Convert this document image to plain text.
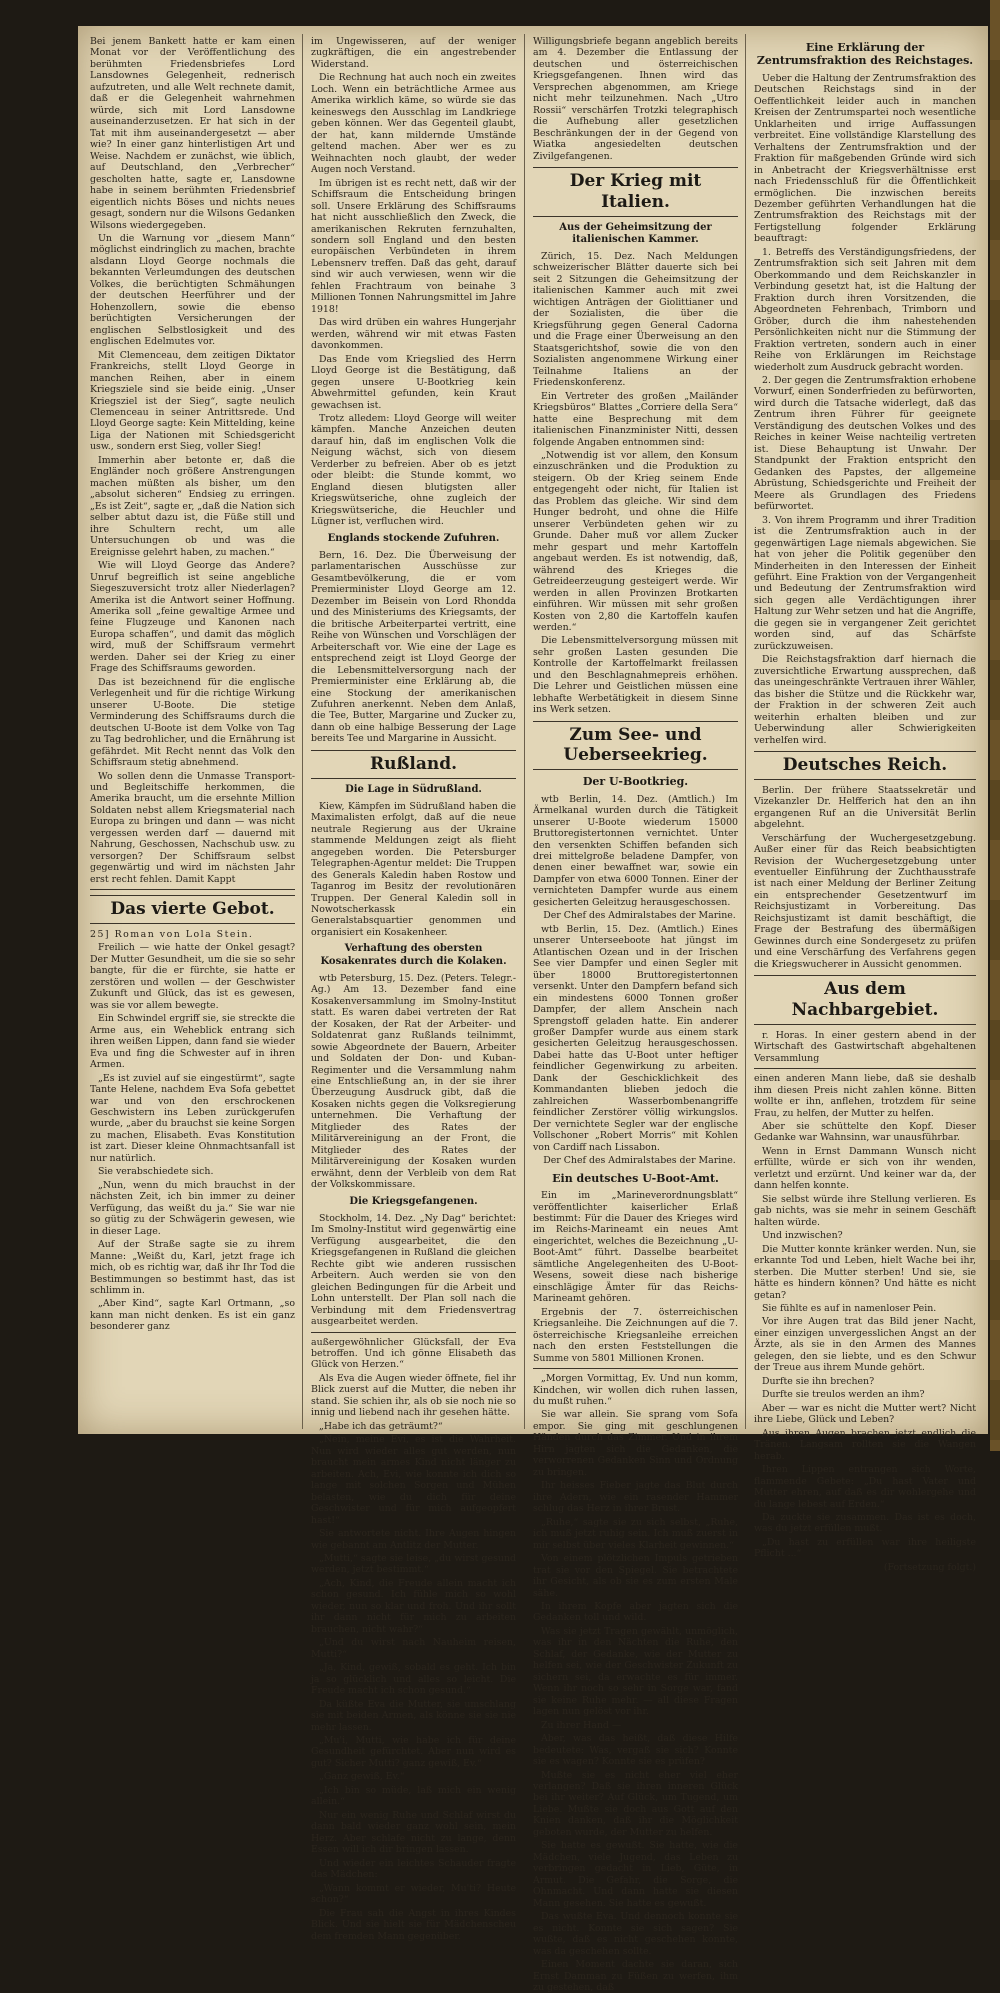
Bei jenem Bankett hatte er kam einen Monat vor der Veröffentlichung des berühmten Friedensbriefes Lord Lansdownes Gelegenheit, rednerisch aufzutreten, und alle Welt rechnete damit, daß er die Gelegenheit wahrnehmen würde, sich mit Lord Lansdowne auseinanderzusetzen. Er hat sich in der Tat mit ihm auseinandergesetzt — aber wie? In einer ganz hinterlistigen Art und Weise. Nachdem er zunächst, wie üblich, auf Deutschland, den „Verbrecher“ gescholten hatte, sagte er, Lansdowne habe in seinem berühmten Friedensbrief eigentlich nichts Böses und nichts neues gesagt, sondern nur die Wilsons Gedanken Wilsons wiedergegeben.

Un die Warnung vor „diesem Mann“ möglichst eindringlich zu machen, brachte alsdann Lloyd George nochmals die bekannten Verleumdungen des deutschen Volkes, die berüchtigten Schmähungen der deutschen Heerführer und der Hohenzollern, sowie die ebenso berüchtigten Versicherungen der englischen Selbstlosigkeit und des englischen Edelmutes vor.

Mit Clemenceau, dem zeitigen Diktator Frankreichs, stellt Lloyd George in manchen Reihen, aber in einem Kriegsziele sind sie beide einig. „Unser Kriegsziel ist der Sieg“, sagte neulich Clemenceau in seiner Antrittsrede. Und Lloyd George sagte: Kein Mittelding, keine Liga der Nationen mit Schiedsgericht usw., sondern erst Sieg, voller Sieg!

Immerhin aber betonte er, daß die Engländer noch größere Anstrengungen machen müßten als bisher, um den „absolut sicheren“ Endsieg zu erringen. „Es ist Zeit“, sagte er, „daß die Nation sich selber abtut dazu ist, die Füße still und ihre Schultern recht, um alle Untersuchungen ob und was die Ereignisse gelehrt haben, zu machen.“

Wie will Lloyd George das Andere? Unruf begreiflich ist seine angebliche Siegeszuversicht trotz aller Niederlagen? Amerika ist die Antwort seiner Hoffnung. Amerika soll „feine gewaltige Armee und feine Flugzeuge und Kanonen nach Europa schaffen“, und damit das möglich wird, muß der Schiffsraum vermehrt werden. Daher sei der Krieg zu einer Frage des Schiffsraums geworden.

Das ist bezeichnend für die englische Verlegenheit und für die richtige Wirkung unserer U-Boote. Die stetige Verminderung des Schiffsraums durch die deutschen U-Boote ist dem Volke von Tag zu Tag bedrohlicher, und die Ernährung ist gefährdet. Mit Recht nennt das Volk den Schiffsraum stetig abnehmend.

Wo sollen denn die Unmasse Transport- und Begleitschiffe herkommen, die Amerika braucht, um die ersehnte Million Soldaten nebst allem Kriegsmaterial nach Europa zu bringen und dann — was nicht vergessen werden darf — dauernd mit Nahrung, Geschossen, Nachschub usw. zu versorgen? Der Schiffsraum selbst gegenwärtig und wird im nächsten Jahr erst recht fehlen. Damit Kappt

Das vierte Gebot.

25] Roman von Lola Stein.

Freilich — wie hatte der Onkel gesagt? Der Mutter Gesundheit, um die sie so sehr bangte, für die er fürchte, sie hatte er zerstören und wollen — der Geschwister Zukunft und Glück, das ist es gewesen, was sie vor allem bewegte.

Ein Schwindel ergriff sie, sie streckte die Arme aus, ein Weheblick entrang sich ihren weißen Lippen, dann fand sie wieder Eva und fing die Schwester auf in ihren Armen.

„Es ist zuviel auf sie eingestürmt“, sagte Tante Helene, nachdem Eva Sofa gebettet war und von den erschrockenen Geschwistern ins Leben zurückgerufen wurde, „aber du brauchst sie keine Sorgen zu machen, Elisabeth. Evas Konstitution ist zart. Dieser kleine Ohnmachtsanfall ist nur natürlich.

Sie verabschiedete sich.

„Nun, wenn du mich brauchst in der nächsten Zeit, ich bin immer zu deiner Verfügung, das weißt du ja.“ Sie war nie so gütig zu der Schwägerin gewesen, wie in dieser Lage.

Auf der Straße sagte sie zu ihrem Manne: „Weißt du, Karl, jetzt frage ich mich, ob es richtig war, daß ihr Ihr Tod die Bestimmungen so bestimmt hast, das ist schlimm in.

„Aber Kind“, sagte Karl Ortmann, „so kann man nicht denken. Es ist ein ganz besonderer ganz

im Ungewisseren, auf der weniger zugkräftigen, die ein angestrebender Widerstand.

Die Rechnung hat auch noch ein zweites Loch. Wenn ein beträchtliche Armee aus Amerika wirklich käme, so würde sie das keineswegs den Ausschlag im Landkriege geben können. Wer das Gegenteil glaubt, der hat, kann mildernde Umstände geltend machen. Aber wer es zu Weihnachten noch glaubt, der weder Augen noch Verstand.

Im übrigen ist es recht nett, daß wir der Schiffsraum die Entscheidung bringen soll. Unsere Erklärung des Schiffsraums hat nicht ausschließlich den Zweck, die amerikanischen Rekruten fernzuhalten, sondern soll England und den besten europäischen Verbündeten in ihrem Lebensnerv treffen. Daß das geht, darauf sind wir auch verwiesen, wenn wir die fehlen Frachtraum von beinahe 3 Millionen Tonnen Nahrungsmittel im Jahre 1918!

Das wird drüben ein wahres Hungerjahr werden, während wir mit etwas Fasten davonkommen.

Das Ende vom Kriegslied des Herrn Lloyd George ist die Bestätigung, daß gegen unsere U-Bootkrieg kein Abwehrmittel gefunden, kein Kraut gewachsen ist.

Trotz alledem: Lloyd George will weiter kämpfen. Manche Anzeichen deuten darauf hin, daß im englischen Volk die Neigung wächst, sich von diesem Verderber zu befreien. Aber ob es jetzt oder bleibt: die Stunde kommt, wo England diesen blutigsten aller Kriegswütseriche, ohne zugleich der Kriegswütseriche, die Heuchler und Lügner ist, verfluchen wird.

Englands stockende Zufuhren.

Bern, 16. Dez. Die Überweisung der parlamentarischen Ausschüsse zur Gesamtbevölkerung, die er vom Premierminister Lloyd George am 12. Dezember im Beisein von Lord Rhondda und des Ministeriums des Kriegsamts, der die britische Arbeiterpartei vertritt, eine Reihe von Wünschen und Vorschlägen der Arbeiterschaft vor. Wie eine der Lage es entsprechend zeigt ist Lloyd George der die Lebensmittelversorgung nach der Premierminister eine Erklärung ab, die eine Stockung der amerikanischen Zufuhren anerkennt. Neben dem Anlaß, die Tee, Butter, Margarine und Zucker zu, dann ob eine halbige Besserung der Lage bereits Tee und Margarine in Aussicht.

Rußland.
Die Lage in Südrußland.

Kiew, Kämpfen im Südrußland haben die Maximalisten erfolgt, daß auf die neue neutrale Regierung aus der Ukraine stammende Meldungen zeigt als flieht angegeben worden. Die Petersburger Telegraphen-Agentur meldet: Die Truppen des Generals Kaledin haben Rostow und Taganrog im Besitz der revolutionären Truppen. Der General Kaledin soll in Nowotscherkassk ein Generalstabsquartier genommen und organisiert ein Kosakenheer.

Verhaftung des obersten Kosakenrates durch die Kolaken.

wtb Petersburg, 15. Dez. (Peters. Telegr.-Ag.) Am 13. Dezember fand eine Kosakenversammlung im Smolny-Institut statt. Es waren dabei vertreten der Rat der Kosaken, der Rat der Arbeiter- und Soldatenrat ganz Rußlands teilnimmt, sowie Abgeordnete der Bauern, Arbeiter und Soldaten der Don- und Kuban-Regimenter und die Versammlung nahm eine Entschließung an, in der sie ihrer Überzeugung Ausdruck gibt, daß die Kosaken nichts gegen die Volksregierung unternehmen. Die Verhaftung der Mitglieder des Rates der Militärvereinigung an der Front, die Mitglieder des Rates der Militärvereinigung der Kosaken wurden erwähnt, denn der Verbleib von dem Rat der Volkskommissare.

Die Kriegsgefangenen.

Stockholm, 14. Dez. „Ny Dag“ berichtet: Im Smolny-Institut wird gegenwärtig eine Verfügung ausgearbeitet, die den Kriegsgefangenen in Rußland die gleichen Rechte gibt wie anderen russischen Arbeitern. Auch werden sie von den gleichen Bedingungen für die Arbeit und Lohn unterstellt. Der Plan soll nach die Verbindung mit dem Friedensvertrag ausgearbeitet werden.

außergewöhnlicher Glücksfall, der Eva betroffen. Und ich gönne Elisabeth das Glück von Herzen.“

Als Eva die Augen wieder öffnete, fiel ihr Blick zuerst auf die Mutter, die neben ihr stand. Sie schien ihr, als ob sie noch nie so innig und liebend nach ihr gesehen hätte.

„Habe ich das geträumt?“

„Nein, meine Evi, es ist die Wahrheit. Nun wird wieder alles gut werden, nun braucht mein armes Kind nicht länger zu arbeiten. Ach, Evi, wie konnte ich dich so lange mit solchen Sorgen und Mühen belasten, wie du dich für deine Geschwister und für mich aufgeopfert hast!“

Sie antwortete nicht. Ihre Augen hingen wie gebannt am Antlitz der Mutter.

„Mutti,“ sagte sie leise, „du wirst gesund werden, jetzt bestimmt.“

„Ach, Kind, die Freude allein macht ich schon gesund. Ich fühle mich so wohl wieder, nun so klar und froh. Und ihr sollt ihr dann nicht für mich zu arbeiten brauchen, nicht wahr?“

„Und du wirst nach Nauheim reisen, Mutti?“

„Ja, Kind, gewiß, sobald es geht. Ich bin ja so glücklich und alles so leicht. Die Freude macht ich schon gesund.“

Da küßte Eva die Mutter, sie umschlang sie mit beiden Armen, als könne sie sie nie mehr lassen.

„Mu'i, Mutti, wie habe ich für deine Gesundheit gefürchtet. Aber nun wird es gut? Sicher Mutti? ganz gewiß, Ev.“

„Ganz gewiß, Ev.“

„Ich bin so müde, laß mich ein wenig allein.“

Nur ein wenig Ruhe und Schlaf wirst du dann bald wieder ganz wohl sein, mein Herz. Aber schlafe nicht zu lange, denn Essen will ich dir bringen lassen.

Und wieder ein leichtes Schauder fragte das Mädchen:

„Wann kommt er wieder, Mu'ti? Heute schon?“

Die Frau sah die Angst in ihres Kindes Blick. Und sie hielt sie für Mädchenscheu dem fremden Mann gegenüber.

Willigungsbriefe begann angeblich bereits am 4. Dezember die Entlassung der deutschen und österreichischen Kriegsgefangenen. Ihnen wird das Versprechen abgenommen, am Kriege nicht mehr teilzunehmen. Nach „Utro Rossii“ verschärfen Trotzki telegraphisch die Aufhebung aller gesetzlichen Beschränkungen der in der Gegend von Wiatka angesiedelten deutschen Zivilgefangenen.

Der Krieg mit Italien.
Aus der Geheimsitzung der italienischen Kammer.

Zürich, 15. Dez. Nach Meldungen schweizerischer Blätter dauerte sich bei seit 2 Sitzungen die Geheimsitzung der italienischen Kammer auch mit zwei wichtigen Anträgen der Giolittianer und der Sozialisten, die über die Kriegsführung gegen General Cadorna und die Frage einer Überweisung an den Staatsgerichtshof, sowie die von den Sozialisten angenommene Wirkung einer Teilnahme Italiens an der Friedenskonferenz.

Ein Vertreter des großen „Mailänder Kriegsbüros“ Blattes „Corriere della Sera“ hatte eine Besprechung mit dem italienischen Finanzminister Nitti, dessen folgende Angaben entnommen sind:

„Notwendig ist vor allem, den Konsum einzuschränken und die Produktion zu steigern. Ob der Krieg seinem Ende entgegengeht oder nicht, für Italien ist das Problem das gleiche. Wir sind dem Hunger bedroht, und ohne die Hilfe unserer Verbündeten gehen wir zu Grunde. Daher muß vor allem Zucker mehr gespart und mehr Kartoffeln angebaut werden. Es ist notwendig, daß, während des Krieges die Getreideerzeugung gesteigert werde. Wir werden in allen Provinzen Brotkarten einführen. Wir müssen mit sehr großen Kosten von 2,80 die Kartoffeln kaufen werden.“

Die Lebensmittelversorgung müssen mit sehr großen Lasten gesunden Die Kontrolle der Kartoffelmarkt freilassen und den Beschlagnahmepreis erhöhen. Die Lehrer und Geistlichen müssen eine lebhafte Werbetätigkeit in diesem Sinne ins Werk setzen.

Zum See- und Ueberseekrieg.
Der U-Bootkrieg.

wtb Berlin, 14. Dez. (Amtlich.) Im Ärmelkanal wurden durch die Tätigkeit unserer U-Boote wiederum 15000 Bruttoregistertonnen vernichtet. Unter den versenkten Schiffen befanden sich drei mittelgroße beladene Dampfer, von denen einer bewaffnet war, sowie ein Dampfer von etwa 6000 Tonnen. Einer der vernichteten Dampfer wurde aus einem gesicherten Geleitzug herausgeschossen.

Der Chef des Admiralstabes der Marine.

wtb Berlin, 15. Dez. (Amtlich.) Eines unserer Unterseeboote hat jüngst im Atlantischen Ozean und in der Irischen See vier Dampfer und einen Segler mit über 18000 Bruttoregistertonnen versenkt. Unter den Dampfern befand sich ein mindestens 6000 Tonnen großer Dampfer, der allem Anschein nach Sprengstoff geladen hatte. Ein anderer großer Dampfer wurde aus einem stark gesicherten Geleitzug herausgeschossen. Dabei hatte das U-Boot unter heftiger feindlicher Gegenwirkung zu arbeiten. Dank der Geschicklichkeit des Kommandanten blieben jedoch die zahlreichen Wasserbombenangriffe feindlicher Zerstörer völlig wirkungslos. Der vernichtete Segler war der englische Vollschoner „Robert Morris“ mit Kohlen von Cardiff nach Lissabon.

Der Chef des Admiralstabes der Marine.

Ein deutsches U-Boot-Amt.

Ein im „Marineverordnungsblatt“ veröffentlichter kaiserlicher Erlaß bestimmt: Für die Dauer des Krieges wird im Reichs-Marineamt ein neues Amt eingerichtet, welches die Bezeichnung „U-Boot-Amt“ führt. Dasselbe bearbeitet sämtliche Angelegenheiten des U-Boot-Wesens, soweit diese nach bisherige einschlägige Ämter für das Reichs-Marineamt gehören.

Ergebnis der 7. österreichischen Kriegsanleihe. Die Zeichnungen auf die 7. österreichische Kriegsanleihe erreichen nach den ersten Feststellungen die Summe von 5801 Millionen Kronen.

„Morgen Vormittag, Ev. Und nun komm, Kindchen, wir wollen dich ruhen lassen, du mußt ruhen.“

Sie war allein. Sie sprang vom Sofa empor. Sie ging mit geschlungenen Händen durch das Zimmer. Und in ihrem Hirn jagten sich die Gedanken, die verworrenen Gedanken Sinn und Ordnung zu bringen.

Ihr heisses Fieber jagte das Blut durch ihre Adern, wie ein rasender Hammer schlug das Herz in ihrer Brust.

„Ruhe,“ sagte sie zu sich selbst, „Ruhe, ich muß jetzt ruhig sein. Ich muß zuerst in mir selbst über vieles Klarheit gewinnen.“

Von einem plötzlichen Impuls getrieben trat sie vor den Spiegel. Sie betrachtete ihr Gesicht, als ob sie es zum ersten Male sähe.

In ihrem Kopfe aber jagten sich die Gedanken toll und wild.

Was sie jetzt Tragen gewählt, unmöglich, was ihr in den Nächten die Ruhe, den Schlaf, der Gedanke, wie der Mutter zu helfen sei, wie der Geschwister Zukunft zu sichern sei, da erwachte es für immer. Wenn ihr noch so sehr in Sorge war, fand sie keine Ruhe mehr. — all diese Fragen lagen nun gelöst vor ihr.

Zu ihrer Hand —

Aber, was das heißt, daß diese Hilfe bedeutete: Was, vergaß sie sich? Konnte sie es wagen? Konnte sie es prüfen?

Mußte sie es nicht eher viel eher verlangen? Daß sie ihren inneren Glück bei ihr weiter? Auf Glück, um Tugend, um Liebe. Mußte sie doch aus Gott auf den Knien danken, daß ihr die Möglichkeit geboten wurde, der Mutter zu helfen.

Sie hatte es gewußt. Sie hatte, wie die Mädchen, viele Jugend, das Leben zu verbringen gedacht in Lieb, Güte, in Armut. Die Gefahr, die Sorge, die Ohnmacht. Und dann hatte sie diesen Mann gesehen. Sie hatte es gewußt.

Das wußte Eva. Und dennoch konnte sie es nicht. Konnte sie sich sagen? Sie wußte, daß es nicht geschehen konnte, was da geschehen sollte.

Einen Moment dachte sie daran, sich Ernst Damman zu Füßen zu werfen, ihm zu gestehen, daß

Eine Erklärung der Zentrumsfraktion des Reichstages.

Ueber die Haltung der Zentrumsfraktion des Deutschen Reichstags sind in der Oeffentlichkeit leider auch in manchen Kreisen der Zentrumspartei noch wesentliche Unklarheiten und irrige Auffassungen verbreitet. Eine vollständige Klarstellung des Verhaltens der Zentrumsfraktion und der Fraktion für maßgebenden Gründe wird sich in Anbetracht der Kriegsverhältnisse erst nach Friedensschluß für die Öffentlichkeit ermöglichen. Die inzwischen bereits Dezember geführten Verhandlungen hat die Zentrumsfraktion des Reichstags mit der Fertigstellung folgender Erklärung beauftragt:

1. Betreffs des Verständigungsfriedens, der Zentrumsfraktion sich seit Jahren mit dem Oberkommando und dem Reichskanzler in Verbindung gesetzt hat, ist die Haltung der Fraktion durch ihren Vorsitzenden, die Abgeordneten Fehrenbach, Trimborn und Gröber, durch die ihm nahestehenden Persönlichkeiten nicht nur die Stimmung der Fraktion vertreten, sondern auch in einer Reihe von Erklärungen im Reichstage wiederholt zum Ausdruck gebracht worden.

2. Der gegen die Zentrumsfraktion erhobene Vorwurf, einen Sonderfrieden zu befürworten, wird durch die Tatsache widerlegt, daß das Zentrum ihren Führer für geeignete Verständigung des deutschen Volkes und des Reiches in keiner Weise nachteilig vertreten ist. Diese Behauptung ist Unwahr. Der Standpunkt der Fraktion entspricht den Gedanken des Papstes, der allgemeine Abrüstung, Schiedsgerichte und Freiheit der Meere als Grundlagen des Friedens befürwortet.

3. Von ihrem Programm und ihrer Tradition ist die Zentrumsfraktion auch in der gegenwärtigen Lage niemals abgewichen. Sie hat von jeher die Politik gegenüber den Minderheiten in den Interessen der Einheit geführt. Eine Fraktion von der Vergangenheit und Bedeutung der Zentrumsfraktion wird sich gegen alle Verdächtigungen ihrer Haltung zur Wehr setzen und hat die Angriffe, die gegen sie in vergangener Zeit gerichtet worden sind, auf das Schärfste zurückzuweisen.

Die Reichstagsfraktion darf hiernach die zuversichtliche Erwartung aussprechen, daß das uneingeschränkte Vertrauen ihrer Wähler, das bisher die Stütze und die Rückkehr war, der Fraktion in der schweren Zeit auch weiterhin erhalten bleiben und zur Ueberwindung aller Schwierigkeiten verhelfen wird.

Deutsches Reich.

Berlin. Der frühere Staatssekretär und Vizekanzler Dr. Helfferich hat den an ihn ergangenen Ruf an die Universität Berlin abgelehnt.

Verschärfung der Wuchergesetzgebung. Außer einer für das Reich beabsichtigten Revision der Wuchergesetzgebung unter eventueller Einführung der Zuchthausstrafe ist nach einer Meldung der Berliner Zeitung ein entsprechender Gesetzentwurf im Reichsjustizamt in Vorbereitung. Das Reichsjustizamt ist damit beschäftigt, die Frage der Bestrafung des übermäßigen Gewinnes durch eine Sondergesetz zu prüfen und eine Verschärfung des Verfahrens gegen die Kriegswucherer in Aussicht genommen.

Aus dem Nachbargebiet.

r. Horas. In einer gestern abend in der Wirtschaft des Gastwirtschaft abgehaltenen Versammlung

einen anderen Mann liebe, daß sie deshalb ihm diesen Preis nicht zahlen könne. Bitten wollte er ihn, anflehen, trotzdem für seine Frau, zu helfen, der Mutter zu helfen.

Aber sie schüttelte den Kopf. Dieser Gedanke war Wahnsinn, war unausführbar.

Wenn in Ernst Dammann Wunsch nicht erfüllte, würde er sich von ihr wenden, verletzt und erzürnt. Und keiner war da, der dann helfen konnte.

Sie selbst würde ihre Stellung verlieren. Es gab nichts, was sie mehr in seinem Geschäft halten würde.

Und inzwischen?

Die Mutter konnte kränker werden. Nun, sie erkannte Tod und Leben, hielt Wache bei ihr, sterben. Die Mutter sterben! Und sie, sie hätte es hindern können? Und hätte es nicht getan?

Sie fühlte es auf in namenloser Pein.

Vor ihre Augen trat das Bild jener Nacht, einer einzigen unvergesslichen Angst an der Ärzte, als sie in den Armen des Mannes gelegen, den sie liebte, und es den Schwur der Treue aus ihrem Munde gehört.

Durfte sie ihn brechen?

Durfte sie treulos werden an ihm?

Aber — war es nicht die Mutter wert? Nicht ihre Liebe, Glück und Leben?

Aus ihren Augen brachen jetzt endlich die Tränen. Langsam rollten sie die Wangen herab.

Ihren Lippen entrangen sich Worte, flammende Gebete: „Du hast Vater und Mutter ehren, auf daß es dir wohlergehe und du lange lebest auf Erden.“

Da zuckte sie zusammen. Das ist es doch, was du jetzt erfüllen mußt.

„Du hast zu erfüllen war ihre heiligste Pflicht ...“

(Fortsetzung folgt.)
